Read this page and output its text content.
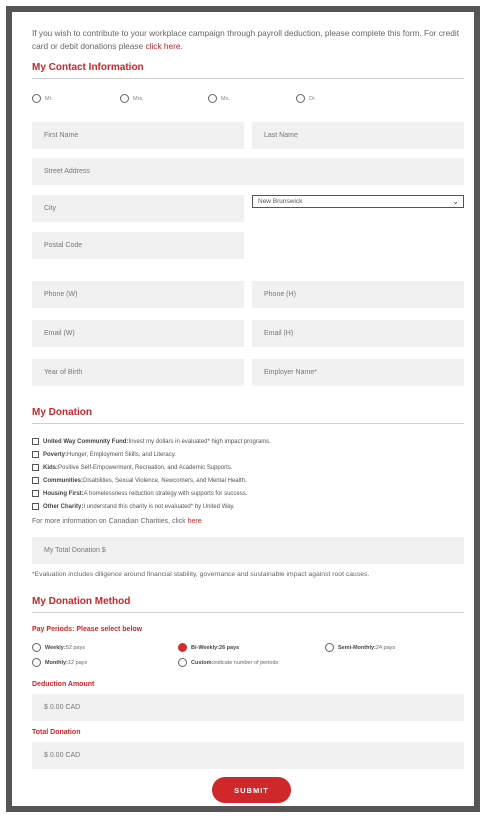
If you wish to contribute to your workplace campaign through payroll deduction, please complete this form. For credit card or debit donations please click here.
My Contact Information
Mr.	Mrs.	Ms.	Dr.
First Name	Last Name
Street Address
City
New Brunswick	⌄
Postal Code
Phone (W)	Phone (H)
Email (W)	Email (H)
Year of Birth	Employer Name*
My Donation
United Way Community Fund:Invest my dollars in evaluated* high impact programs.
Poverty:Hunger, Employment Skills, and Literacy.
Kids:Positive Self-Empowerment, Recreation, and Academic Supports.
Communities:Disabilities, Sexual Violence, Newcomers, and Mental Health.
Housing First:A homelessness reduction strategy with supports for success.
Other Charity:I understand this charity is not evaluated* by United Way.
For more information on Canadian Charities, click here
My Total Donation $
*Evaluation includes diligence around financial stability, governance and sustainable impact against root causes.
My Donation Method
Pay Periods: Please select below
Weekly:52 pays	Bi-Weekly:26 pays	Semi-Monthly:24 pays
Monthly:12 pays	Custom:indicate number of periods
Deduction Amount
$ 0.00 CAD
Total Donation
$ 0.00 CAD
SUBMIT
